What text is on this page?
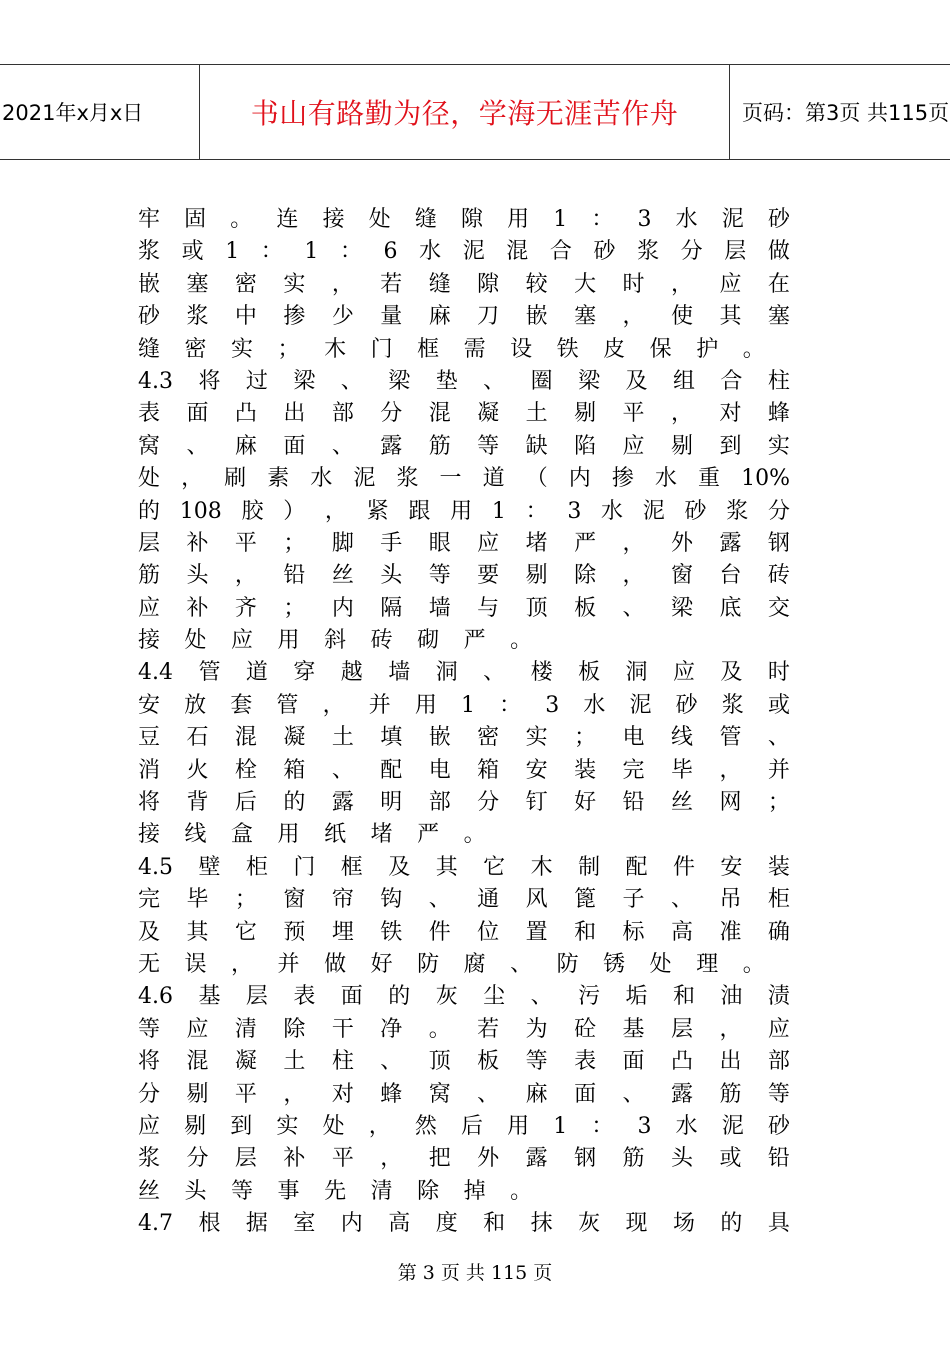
2021年x月x日	书山有路勤为径，学海无涯苦作舟	页码：第3页 共115页
牢 固 。 连 接 处 缝 隙 用 1 ： 3 水 泥 砂
浆 或 1 ： 1 ： 6 水 泥 混 合 砂 浆 分 层 做
嵌 塞 密 实 ， 若 缝 隙 较 大 时 ， 应 在
砂 浆 中 掺 少 量 麻 刀 嵌 塞 ， 使 其 塞
缝 密 实 ； 木 门 框 需 设 铁 皮 保 护 。
4.3 将 过 梁 、 梁 垫 、 圈 梁 及 组 合 柱
表 面 凸 出 部 分 混 凝 土 剔 平 ， 对 蜂
窝 、 麻 面 、 露 筋 等 缺 陷 应 剔 到 实
处 ， 刷 素 水 泥 浆 一 道 （ 内 掺 水 重 10%
的 108 胶 ） ， 紧 跟 用 1 ： 3 水 泥 砂 浆 分
层 补 平 ； 脚 手 眼 应 堵 严 ， 外 露 钢
筋 头 ， 铅 丝 头 等 要 剔 除 ， 窗 台 砖
应 补 齐 ； 内 隔 墙 与 顶 板 、 梁 底 交
接 处 应 用 斜 砖 砌 严 。
4.4 管 道 穿 越 墙 洞 、 楼 板 洞 应 及 时
安 放 套 管 ， 并 用 1 ： 3 水 泥 砂 浆 或
豆 石 混 凝 土 填 嵌 密 实 ； 电 线 管 、
消 火 栓 箱 、 配 电 箱 安 装 完 毕 ， 并
将 背 后 的 露 明 部 分 钉 好 铅 丝 网 ；
接 线 盒 用 纸 堵 严 。
4.5 壁 柜 门 框 及 其 它 木 制 配 件 安 装
完 毕 ； 窗 帘 钩 、 通 风 篦 子 、 吊 柜
及 其 它 预 埋 铁 件 位 置 和 标 高 准 确
无 误 ， 并 做 好 防 腐 、 防 锈 处 理 。
4.6 基 层 表 面 的 灰 尘 、 污 垢 和 油 渍
等 应 清 除 干 净 。 若 为 砼 基 层 ， 应
将 混 凝 土 柱 、 顶 板 等 表 面 凸 出 部
分 剔 平 ， 对 蜂 窝 、 麻 面 、 露 筋 等
应 剔 到 实 处 ， 然 后 用 1 ： 3 水 泥 砂
浆 分 层 补 平 ， 把 外 露 钢 筋 头 或 铅
丝 头 等 事 先 清 除 掉 。
4.7 根 据 室 内 高 度 和 抹 灰 现 场 的 具
第 3 页 共 115 页
